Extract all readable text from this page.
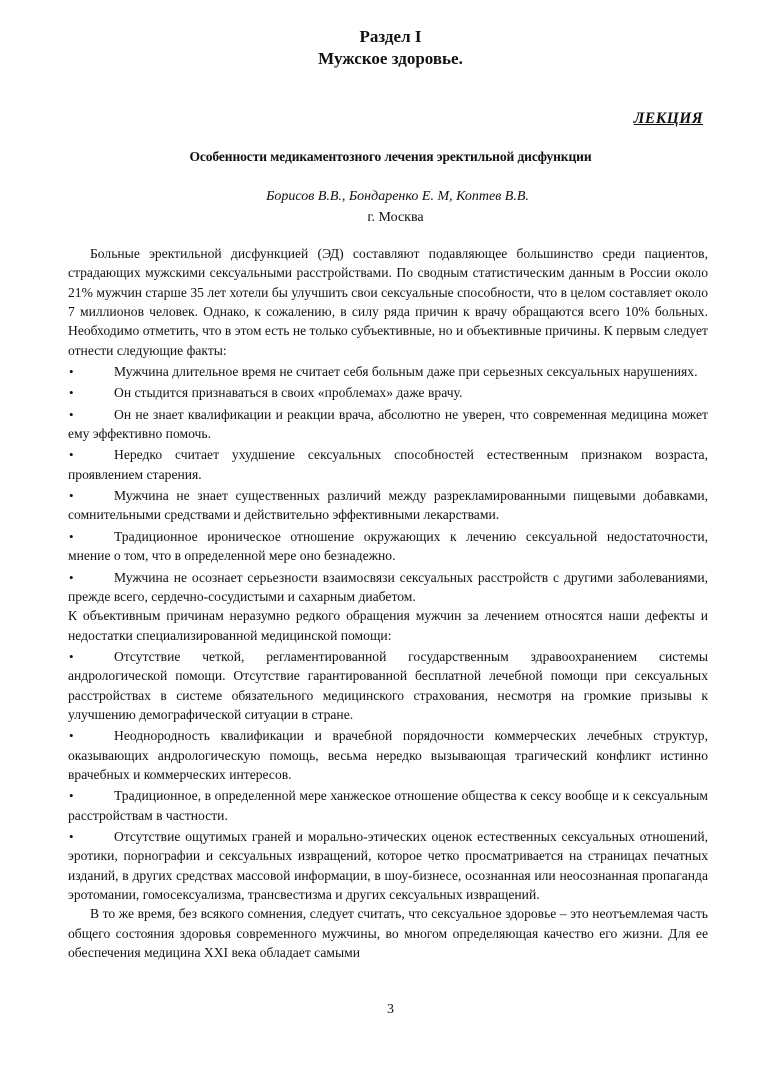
Раздел I
Мужское здоровье.
ЛЕКЦИЯ
Особенности медикаментозного лечения эректильной дисфункции
Борисов В.В., Бондаренко Е. М, Коптев В.В.
г. Москва

Больные эректильной дисфункцией (ЭД) составляют подавляющее большинство среди пациентов, страдающих мужскими сексуальными расстройствами. По сводным статистическим данным в России около 21% мужчин старше 35 лет хотели бы улучшить свои сексуальные способности, что в целом составляет около 7 миллионов человек. Однако, к сожалению, в силу ряда причин к врачу обращаются всего 10% больных. Необходимо отметить, что в этом есть не только субъективные, но и объективные причины. К первым следует отнести следующие факты:

•	Мужчина длительное время не считает себя больным даже при серьезных сексуальных нарушениях.

•	Он стыдится признаваться в своих «проблемах» даже врачу.

•	Он не знает квалификации и реакции врача, абсолютно не уверен, что современная медицина может ему эффективно помочь.

•	Нередко считает ухудшение сексуальных способностей естественным признаком возраста, проявлением старения.

•	Мужчина не знает существенных различий между разрекламированными пищевыми добавками, сомнительными средствами и действительно эффективными лекарствами.

•	Традиционное ироническое отношение окружающих к лечению сексуальной недостаточности, мнение о том, что в определенной мере оно безнадежно.

•	Мужчина не осознает серьезности взаимосвязи сексуальных расстройств с другими заболеваниями, прежде всего, сердечно-сосудистыми и сахарным диабетом.

К объективным причинам неразумно редкого обращения мужчин за лечением относятся наши дефекты и недостатки специализированной медицинской помощи:

•	Отсутствие четкой, регламентированной государственным здравоохранением системы андрологической помощи. Отсутствие гарантированной бесплатной лечебной помощи при сексуальных расстройствах в системе обязательного медицинского страхования, несмотря на громкие призывы к улучшению демографической ситуации в стране.

•	Неоднородность квалификации и врачебной порядочности коммерческих лечебных структур, оказывающих андрологическую помощь, весьма нередко вызывающая трагический конфликт истинно врачебных и коммерческих интересов.

•	Традиционное, в определенной мере ханжеское отношение общества к сексу вообще и к сексуальным расстройствам в частности.

•	Отсутствие ощутимых граней и морально-этических оценок естественных сексуальных отношений, эротики, порнографии и сексуальных извращений, которое четко просматривается на страницах печатных изданий, в других средствах массовой информации, в шоу-бизнесе, осознанная или неосознанная пропаганда эротомании, гомосексуализма, трансвестизма и других сексуальных извращений.

В то же время, без всякого сомнения, следует считать, что сексуальное здоровье – это неотъемлемая часть общего состояния здоровья современного мужчины, во многом определяющая качество его жизни. Для ее обеспечения медицина XXI века обладает самыми

3
